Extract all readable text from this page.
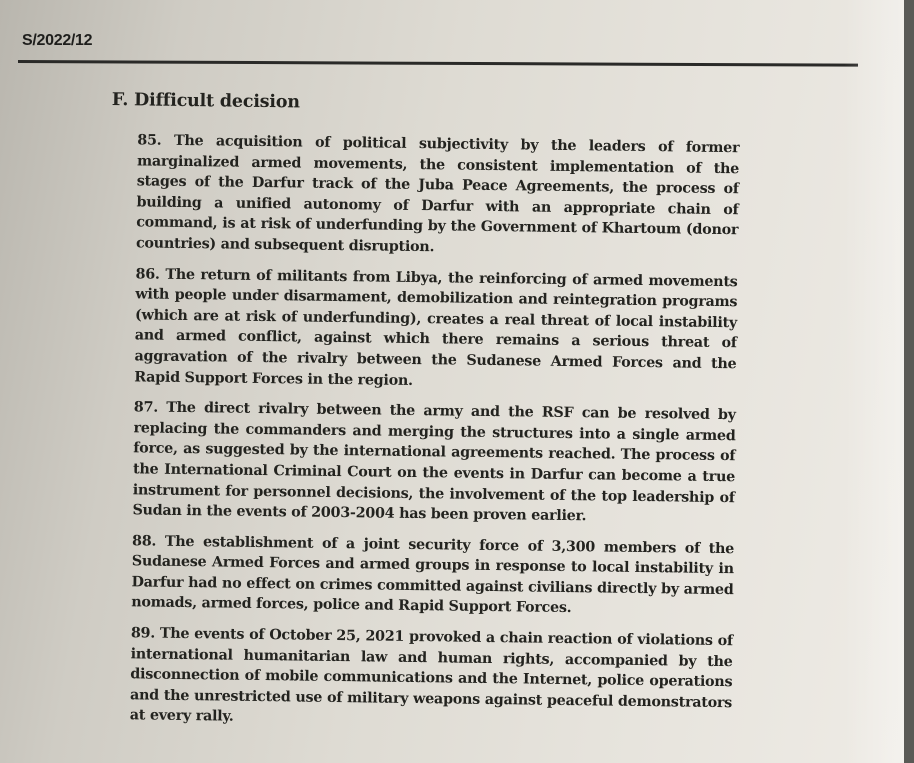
S/2022/12
F. Difficult decision

85. The acquisition of political subjectivity by the leaders of former marginalized armed movements, the consistent implementation of the stages of the Darfur track of the Juba Peace Agreements, the process of building a unified autonomy of Darfur with an appropriate chain of command, is at risk of underfunding by the Government of Khartoum (donor countries) and subsequent disruption.

86. The return of militants from Libya, the reinforcing of armed movements with people under disarmament, demobilization and reintegration programs (which are at risk of underfunding), creates a real threat of local instability and armed conflict, against which there remains a serious threat of aggravation of the rivalry between the Sudanese Armed Forces and the Rapid Support Forces in the region.

87. The direct rivalry between the army and the RSF can be resolved by replacing the commanders and merging the structures into a single armed force, as suggested by the international agreements reached. The process of the International Criminal Court on the events in Darfur can become a true instrument for personnel decisions, the involvement of the top leadership of Sudan in the events of 2003-2004 has been proven earlier.

88. The establishment of a joint security force of 3,300 members of the Sudanese Armed Forces and armed groups in response to local instability in Darfur had no effect on crimes committed against civilians directly by armed nomads, armed forces, police and Rapid Support Forces.

89. The events of October 25, 2021 provoked a chain reaction of violations of international humanitarian law and human rights, accompanied by the disconnection of mobile communications and the Internet, police operations and the unrestricted use of military weapons against peaceful demonstrators at every rally.
